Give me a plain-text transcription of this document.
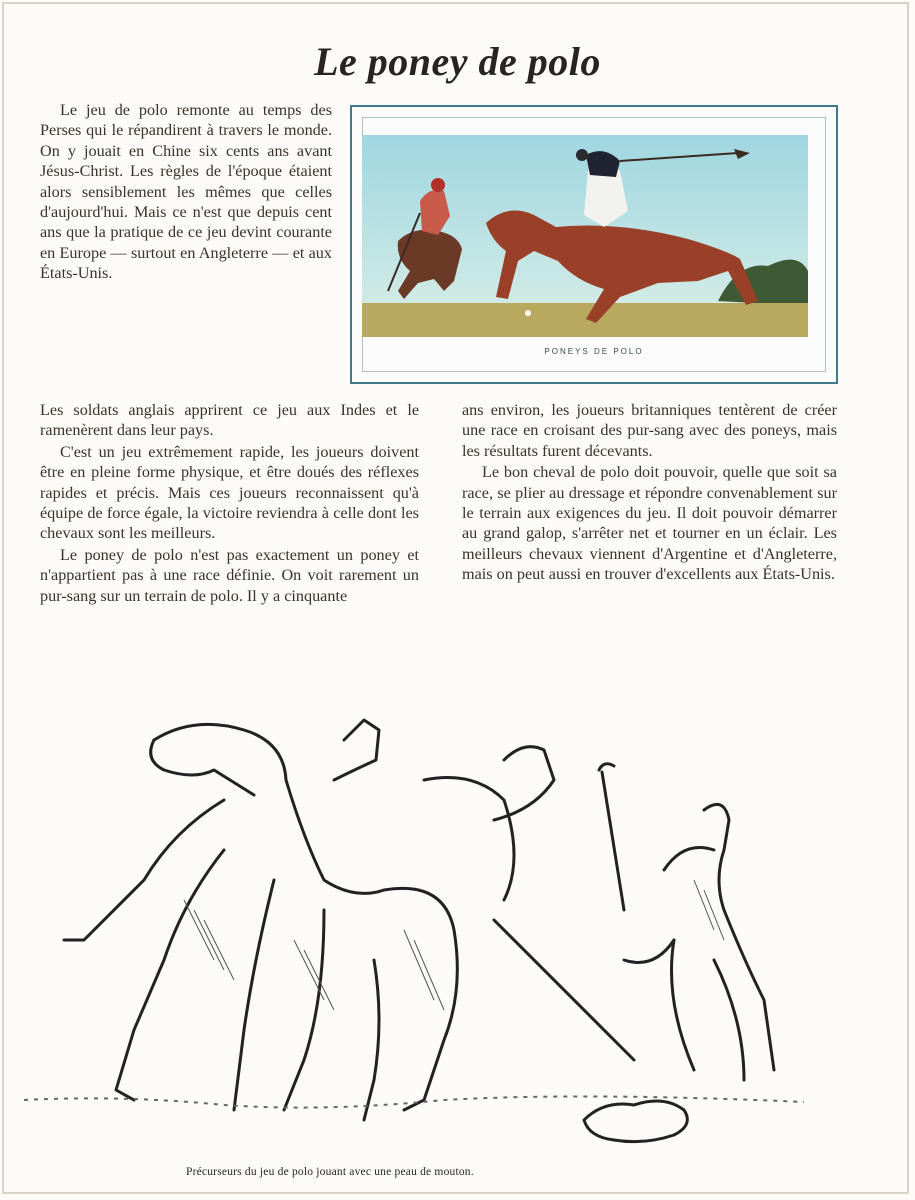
Le poney de polo

Le jeu de polo remonte au temps des Perses qui le répandirent à travers le monde. On y jouait en Chine six cents ans avant Jésus-Christ. Les règles de l'époque étaient alors sensiblement les mêmes que celles d'aujourd'hui. Mais ce n'est que depuis cent ans que la pratique de ce jeu devint courante en Europe — surtout en Angleterre — et aux États-Unis.

PONEYS DE POLO

Les soldats anglais apprirent ce jeu aux Indes et le ramenèrent dans leur pays.

C'est un jeu extrêmement rapide, les joueurs doivent être en pleine forme physique, et être doués des réflexes rapides et précis. Mais ces joueurs reconnaissent qu'à équipe de force égale, la victoire reviendra à celle dont les chevaux sont les meilleurs.

Le poney de polo n'est pas exactement un poney et n'appartient pas à une race définie. On voit rarement un pur-sang sur un terrain de polo. Il y a cinquante

ans environ, les joueurs britanniques tentèrent de créer une race en croisant des pur-sang avec des poneys, mais les résultats furent décevants.

Le bon cheval de polo doit pouvoir, quelle que soit sa race, se plier au dressage et répondre convenablement sur le terrain aux exigences du jeu. Il doit pouvoir démarrer au grand galop, s'arrêter net et tourner en un éclair. Les meilleurs chevaux viennent d'Argentine et d'Angleterre, mais on peut aussi en trouver d'excellents aux États-Unis.

Précurseurs du jeu de polo jouant avec une peau de mouton.
